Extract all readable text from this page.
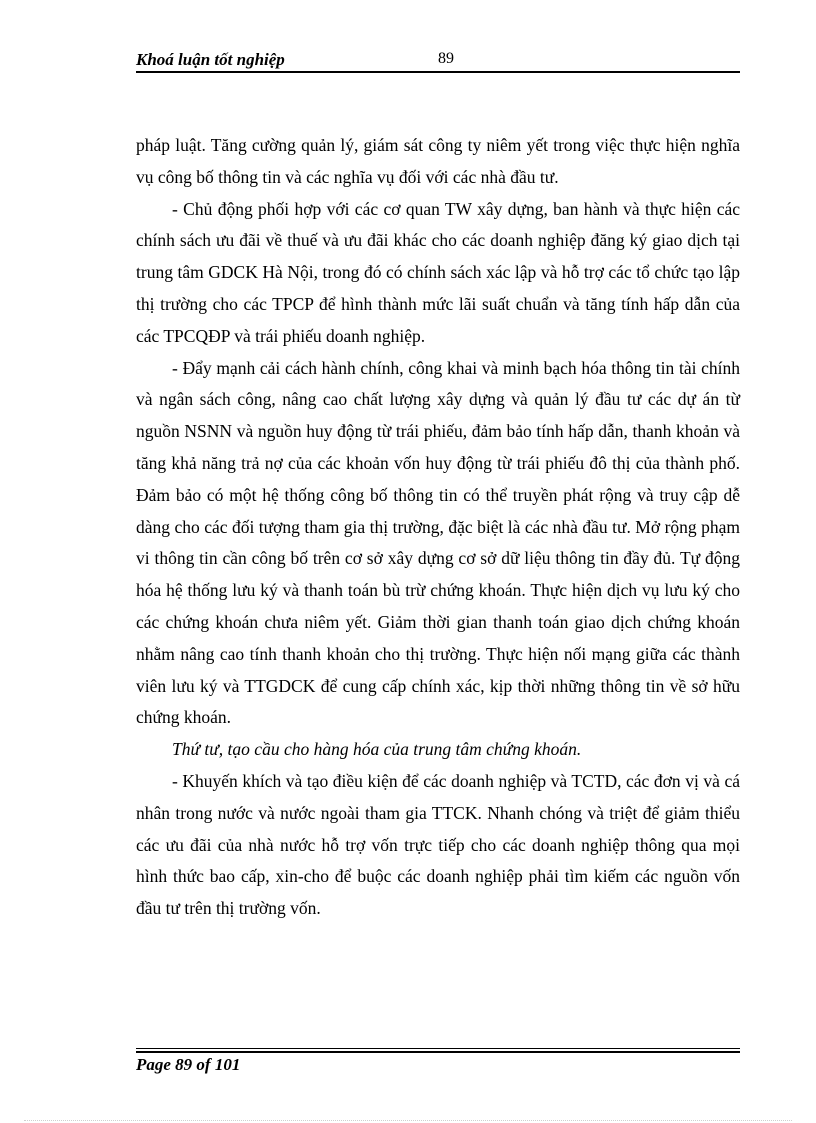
Khoá luận tốt nghiệp	89

pháp luật. Tăng cường quản lý, giám sát công ty niêm yết trong việc thực hiện nghĩa vụ công bố thông tin và các nghĩa vụ đối với các nhà đầu tư.

- Chủ động phối hợp với các cơ quan TW xây dựng, ban hành và thực hiện các chính sách ưu đãi về thuế và ưu đãi khác cho các doanh nghiệp đăng ký giao dịch tại trung tâm GDCK Hà Nội, trong đó có chính sách xác lập và hỗ trợ các tổ chức tạo lập thị trường cho các TPCP để hình thành mức lãi suất chuẩn và tăng tính hấp dẫn của các TPCQĐP và trái phiếu doanh nghiệp.

- Đẩy mạnh cải cách hành chính, công khai và minh bạch hóa thông tin tài chính và ngân sách công, nâng cao chất lượng xây dựng và quản lý đầu tư các dự án từ nguồn NSNN và nguồn huy động từ trái phiếu, đảm bảo tính hấp dẫn, thanh khoản và tăng khả năng trả nợ của các khoản vốn huy động từ trái phiếu đô thị của thành phố. Đảm bảo có một hệ thống công bố thông tin có thể truyền phát rộng và truy cập dễ dàng cho các đối tượng tham gia thị trường, đặc biệt là các nhà đầu tư. Mở rộng phạm vi thông tin cần công bố trên cơ sở xây dựng cơ sở dữ liệu thông tin đầy đủ. Tự động hóa hệ thống lưu ký và thanh toán bù trừ chứng khoán. Thực hiện dịch vụ lưu ký cho các chứng khoán chưa niêm yết. Giảm thời gian thanh toán giao dịch chứng khoán nhằm nâng cao tính thanh khoản cho thị trường. Thực hiện nối mạng giữa các thành viên lưu ký và TTGDCK để cung cấp chính xác, kịp thời những thông tin về sở hữu chứng khoán.

Thứ tư, tạo cầu cho hàng hóa của trung tâm chứng khoán.

- Khuyến khích và tạo điều kiện để các doanh nghiệp và TCTD, các đơn vị và cá nhân trong nước và nước ngoài tham gia TTCK. Nhanh chóng và triệt để giảm thiểu các ưu đãi của nhà nước hỗ trợ vốn trực tiếp cho các doanh nghiệp thông qua mọi hình thức bao cấp, xin-cho để buộc các doanh nghiệp phải tìm kiếm các nguồn vốn đầu tư trên thị trường vốn.

Page 89 of 101
